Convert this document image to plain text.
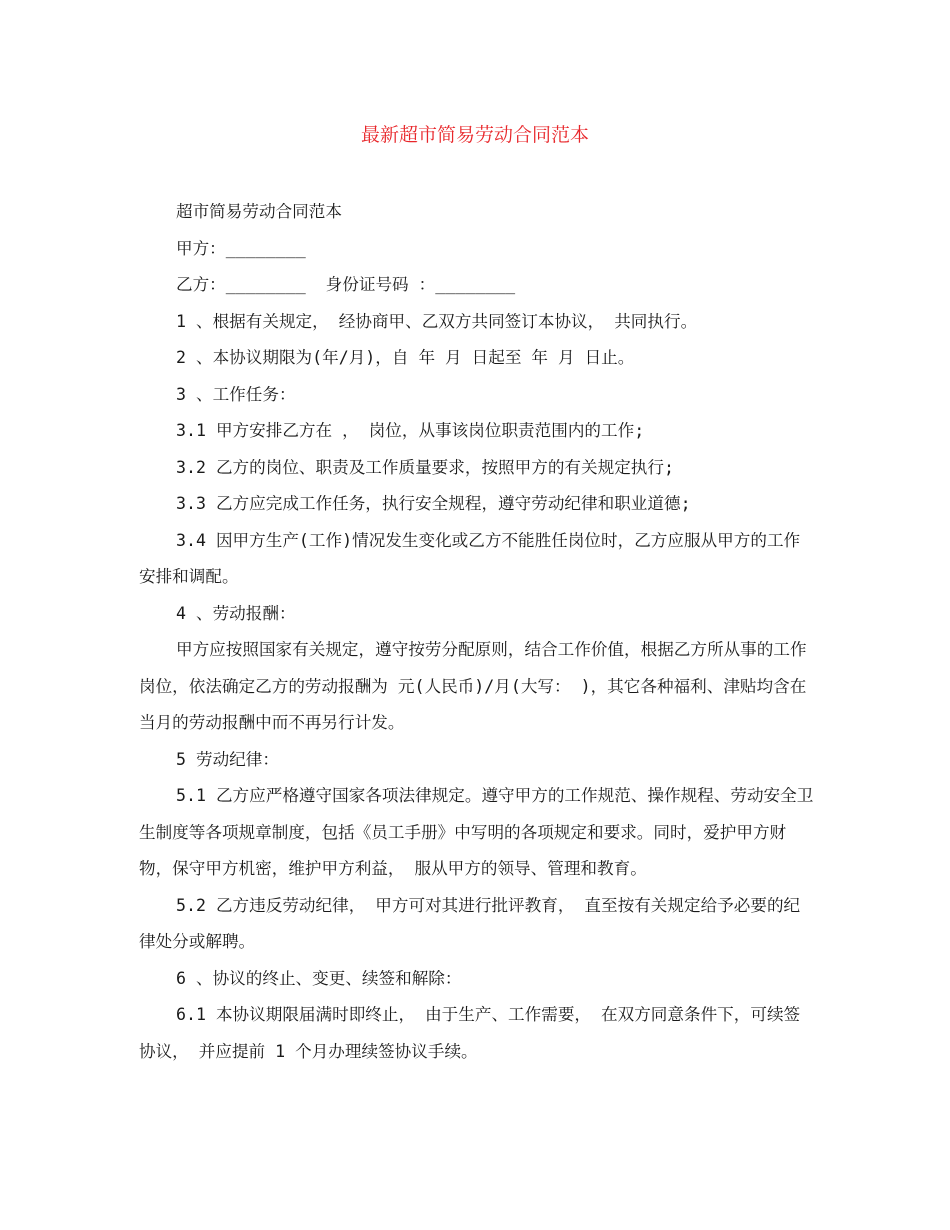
最新超市简易劳动合同范本

超市简易劳动合同范本

甲方：________

乙方：________  身份证号码 ：________

1 、根据有关规定， 经协商甲、乙双方共同签订本协议， 共同执行。

2 、本协议期限为(年/月)，自 年 月 日起至 年 月 日止。

3 、工作任务：

3.1 甲方安排乙方在 ， 岗位，从事该岗位职责范围内的工作;

3.2 乙方的岗位、职责及工作质量要求，按照甲方的有关规定执行;

3.3 乙方应完成工作任务，执行安全规程，遵守劳动纪律和职业道德;

3.4 因甲方生产(工作)情况发生变化或乙方不能胜任岗位时，乙方应服从甲方的工作安排和调配。

4 、劳动报酬：

甲方应按照国家有关规定，遵守按劳分配原则，结合工作价值，根据乙方所从事的工作岗位，依法确定乙方的劳动报酬为 元(人民币)/月(大写： )，其它各种福利、津贴均含在当月的劳动报酬中而不再另行计发。

5 劳动纪律：

5.1 乙方应严格遵守国家各项法律规定。遵守甲方的工作规范、操作规程、劳动安全卫生制度等各项规章制度，包括《员工手册》中写明的各项规定和要求。同时，爱护甲方财物，保守甲方机密，维护甲方利益， 服从甲方的领导、管理和教育。

5.2 乙方违反劳动纪律， 甲方可对其进行批评教育， 直至按有关规定给予必要的纪律处分或解聘。

6 、协议的终止、变更、续签和解除：

6.1 本协议期限届满时即终止， 由于生产、工作需要， 在双方同意条件下，可续签协议， 并应提前 1 个月办理续签协议手续。
